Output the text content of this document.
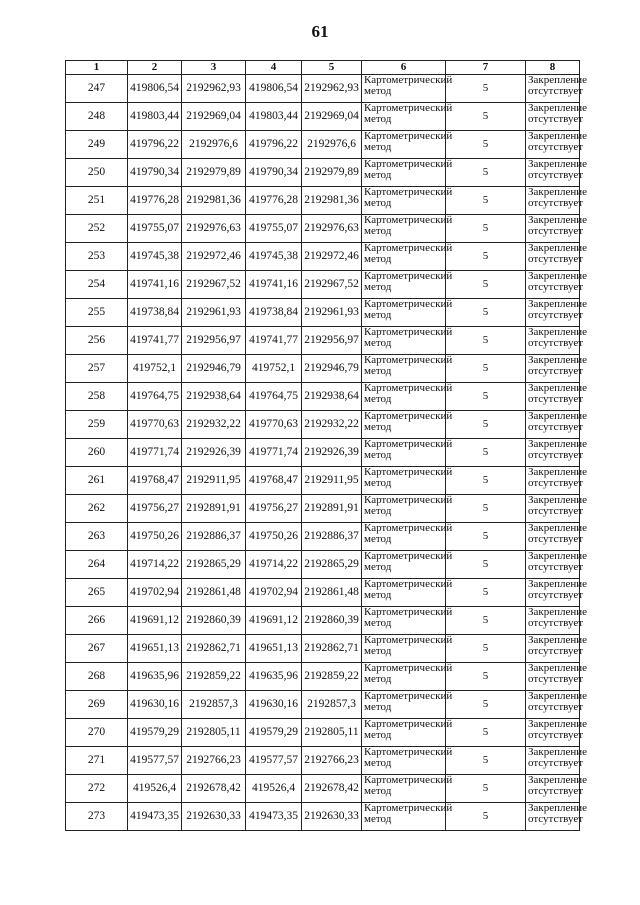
61
1	2	3	4	5	6	7	8
247	419806,54	2192962,93	419806,54	2192962,93	Картометрический метод	5	Закрепление отсутствует
248	419803,44	2192969,04	419803,44	2192969,04	Картометрический метод	5	Закрепление отсутствует
249	419796,22	2192976,6	419796,22	2192976,6	Картометрический метод	5	Закрепление отсутствует
250	419790,34	2192979,89	419790,34	2192979,89	Картометрический метод	5	Закрепление отсутствует
251	419776,28	2192981,36	419776,28	2192981,36	Картометрический метод	5	Закрепление отсутствует
252	419755,07	2192976,63	419755,07	2192976,63	Картометрический метод	5	Закрепление отсутствует
253	419745,38	2192972,46	419745,38	2192972,46	Картометрический метод	5	Закрепление отсутствует
254	419741,16	2192967,52	419741,16	2192967,52	Картометрический метод	5	Закрепление отсутствует
255	419738,84	2192961,93	419738,84	2192961,93	Картометрический метод	5	Закрепление отсутствует
256	419741,77	2192956,97	419741,77	2192956,97	Картометрический метод	5	Закрепление отсутствует
257	419752,1	2192946,79	419752,1	2192946,79	Картометрический метод	5	Закрепление отсутствует
258	419764,75	2192938,64	419764,75	2192938,64	Картометрический метод	5	Закрепление отсутствует
259	419770,63	2192932,22	419770,63	2192932,22	Картометрический метод	5	Закрепление отсутствует
260	419771,74	2192926,39	419771,74	2192926,39	Картометрический метод	5	Закрепление отсутствует
261	419768,47	2192911,95	419768,47	2192911,95	Картометрический метод	5	Закрепление отсутствует
262	419756,27	2192891,91	419756,27	2192891,91	Картометрический метод	5	Закрепление отсутствует
263	419750,26	2192886,37	419750,26	2192886,37	Картометрический метод	5	Закрепление отсутствует
264	419714,22	2192865,29	419714,22	2192865,29	Картометрический метод	5	Закрепление отсутствует
265	419702,94	2192861,48	419702,94	2192861,48	Картометрический метод	5	Закрепление отсутствует
266	419691,12	2192860,39	419691,12	2192860,39	Картометрический метод	5	Закрепление отсутствует
267	419651,13	2192862,71	419651,13	2192862,71	Картометрический метод	5	Закрепление отсутствует
268	419635,96	2192859,22	419635,96	2192859,22	Картометрический метод	5	Закрепление отсутствует
269	419630,16	2192857,3	419630,16	2192857,3	Картометрический метод	5	Закрепление отсутствует
270	419579,29	2192805,11	419579,29	2192805,11	Картометрический метод	5	Закрепление отсутствует
271	419577,57	2192766,23	419577,57	2192766,23	Картометрический метод	5	Закрепление отсутствует
272	419526,4	2192678,42	419526,4	2192678,42	Картометрический метод	5	Закрепление отсутствует
273	419473,35	2192630,33	419473,35	2192630,33	Картометрический метод	5	Закрепление отсутствует
